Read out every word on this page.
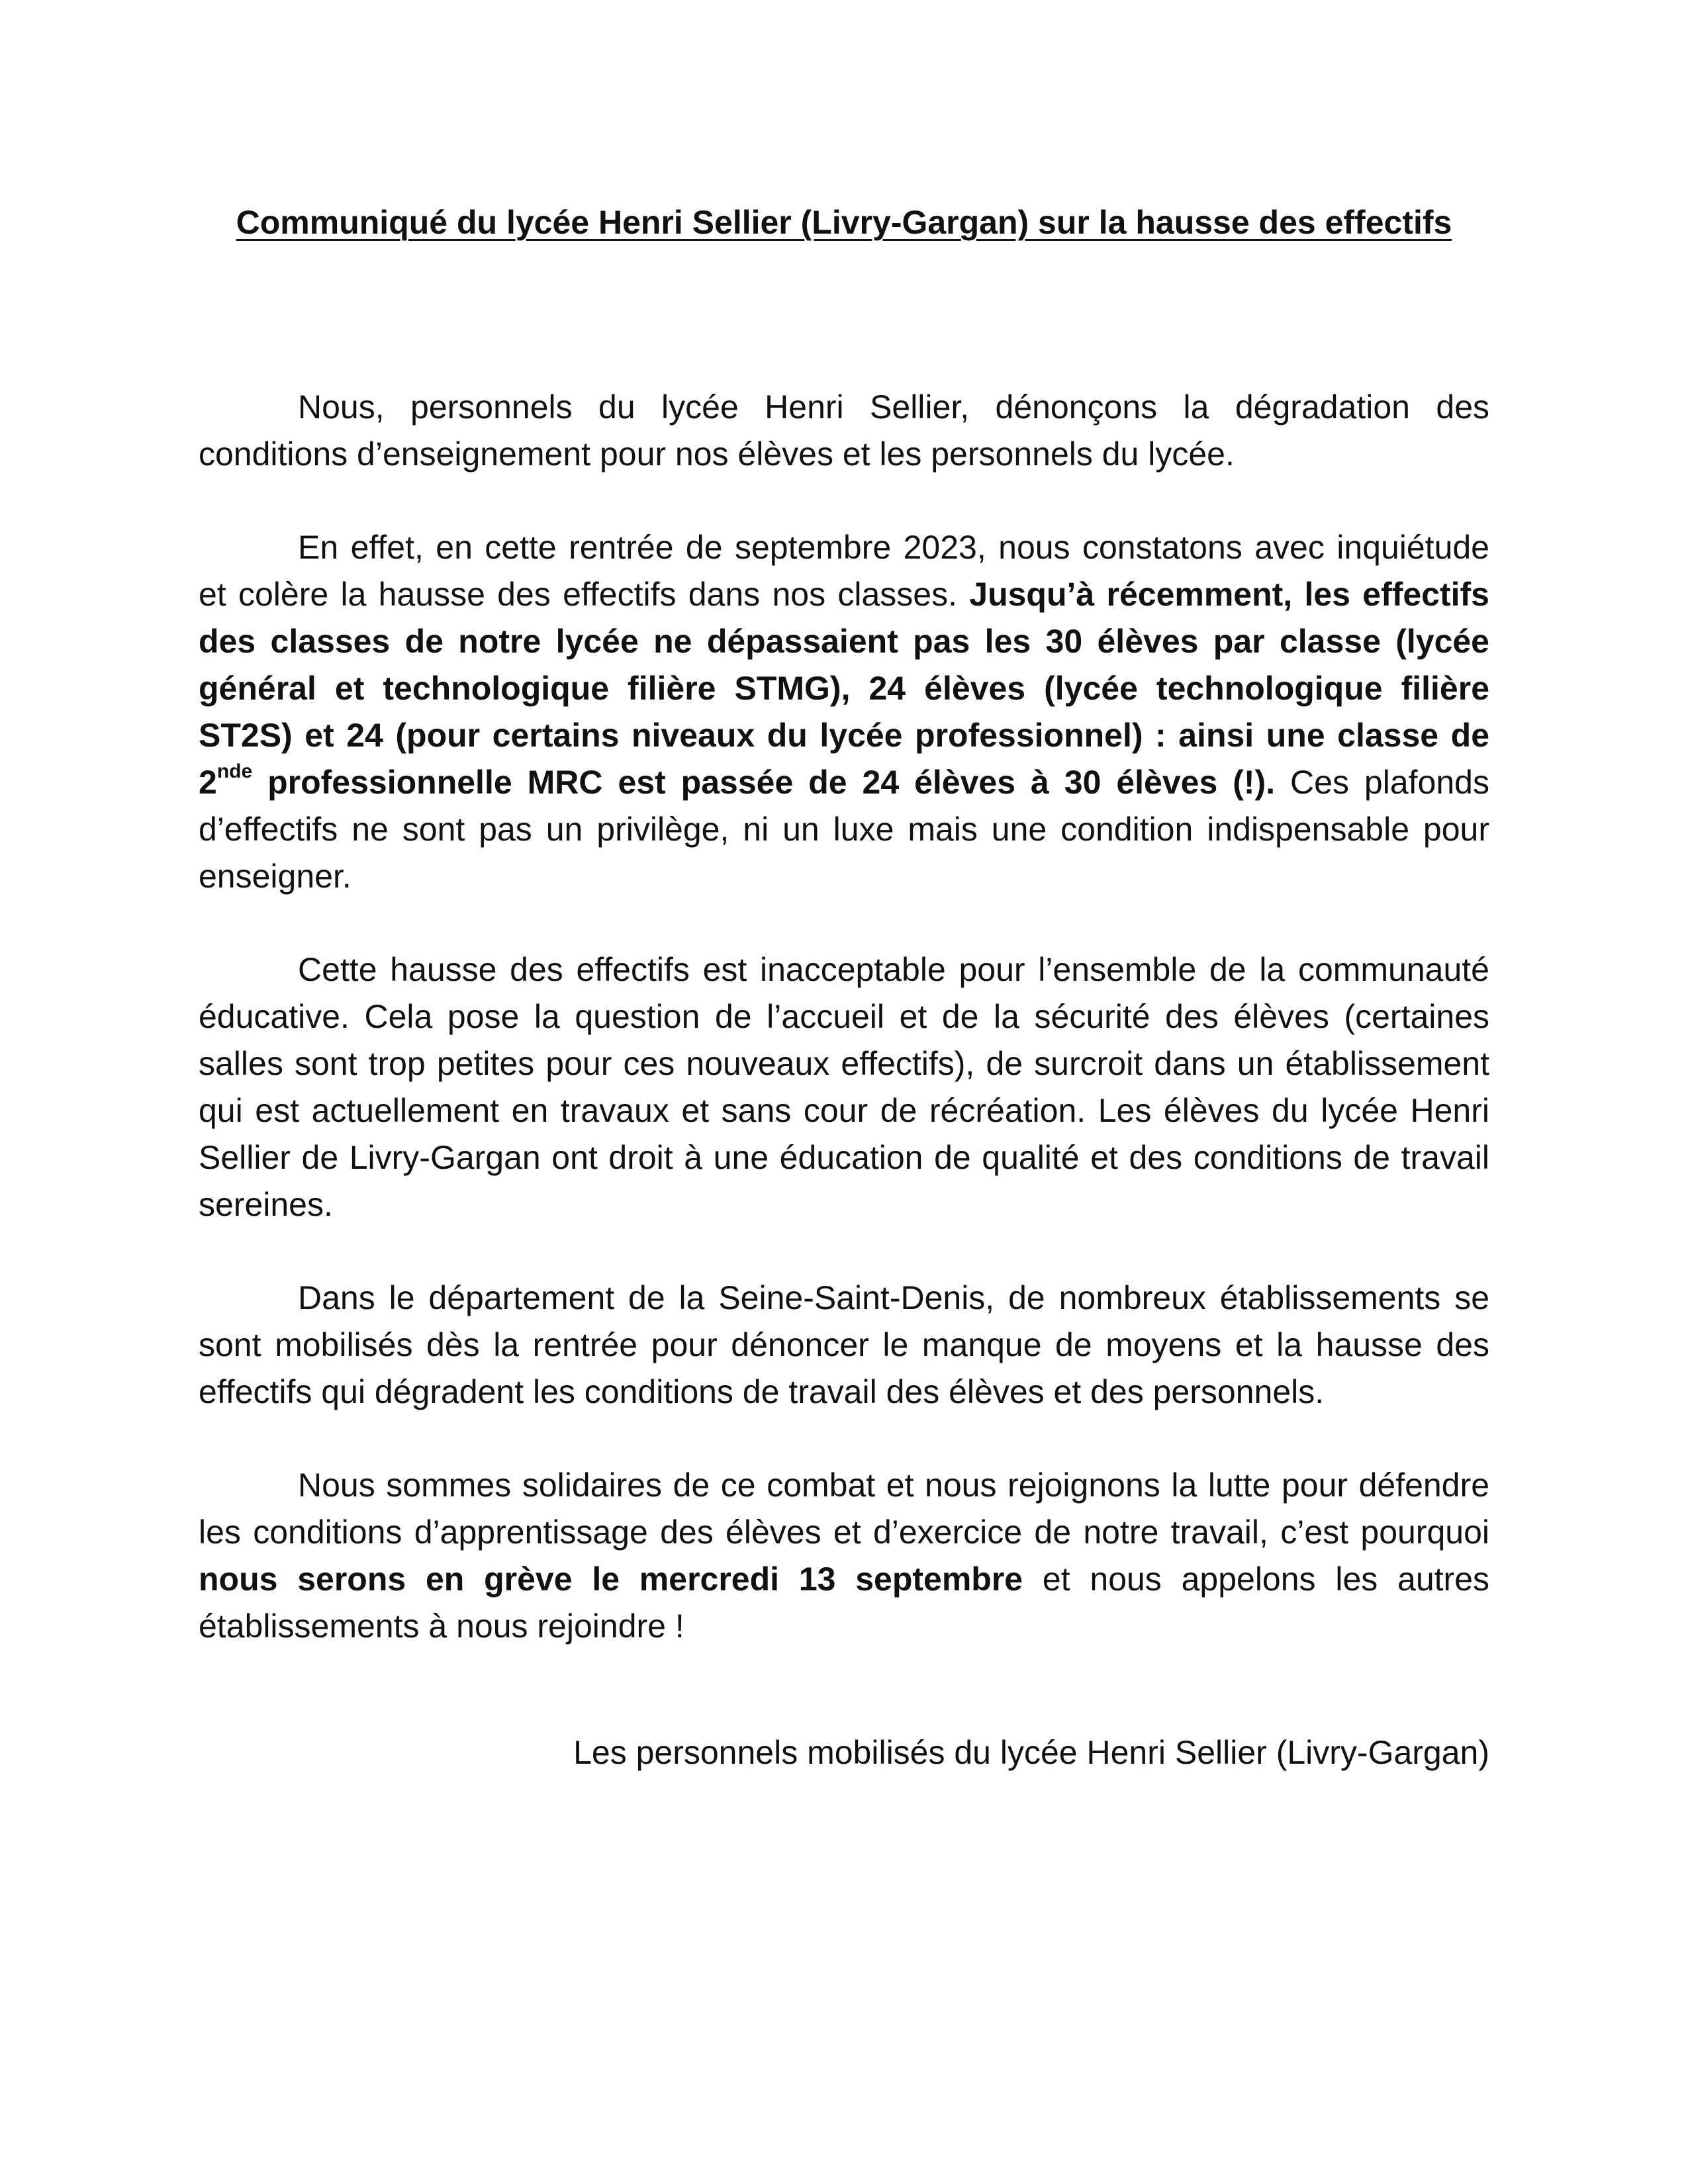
Communiqué du lycée Henri Sellier (Livry-Gargan) sur la hausse des effectifs

Nous, personnels du lycée Henri Sellier, dénonçons la dégradation des conditions d’enseignement pour nos élèves et les personnels du lycée.

En effet, en cette rentrée de septembre 2023, nous constatons avec inquiétude et colère la hausse des effectifs dans nos classes. Jusqu’à récemment, les effectifs des classes de notre lycée ne dépassaient pas les 30 élèves par classe (lycée général et technologique filière STMG), 24 élèves (lycée technologique filière ST2S) et 24 (pour certains niveaux du lycée professionnel) : ainsi une classe de 2nde professionnelle MRC est passée de 24 élèves à 30 élèves (!). Ces plafonds d’effectifs ne sont pas un privilège, ni un luxe mais une condition indispensable pour enseigner.

Cette hausse des effectifs est inacceptable pour l’ensemble de la communauté éducative. Cela pose la question de l’accueil et de la sécurité des élèves (certaines salles sont trop petites pour ces nouveaux effectifs), de surcroit dans un établissement qui est actuellement en travaux et sans cour de récréation. Les élèves du lycée Henri Sellier de Livry-Gargan ont droit à une éducation de qualité et des conditions de travail sereines.

Dans le département de la Seine-Saint-Denis, de nombreux établissements se sont mobilisés dès la rentrée pour dénoncer le manque de moyens et la hausse des effectifs qui dégradent les conditions de travail des élèves et des personnels.

Nous sommes solidaires de ce combat et nous rejoignons la lutte pour défendre les conditions d’apprentissage des élèves et d’exercice de notre travail, c’est pourquoi nous serons en grève le mercredi 13 septembre et nous appelons les autres établissements à nous rejoindre !

Les personnels mobilisés du lycée Henri Sellier (Livry-Gargan)
